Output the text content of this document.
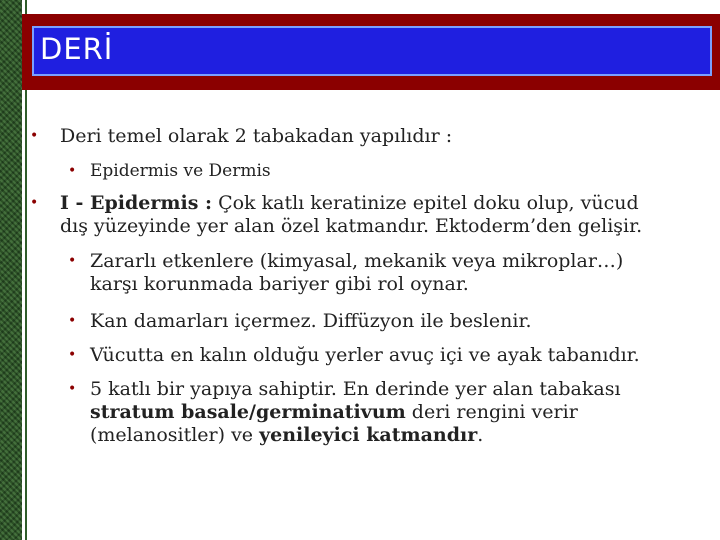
DERİ
• Deri temel olarak 2 tabakadan yapılıdır :
• Epidermis ve Dermis
• I - Epidermis : Çok katlı keratinize epitel doku olup, vücud
dış yüzeyinde yer alan özel katmandır. Ektoderm’den gelişir.
• Zararlı etkenlere (kimyasal, mekanik veya mikroplar…)
karşı korunmada bariyer gibi rol oynar.
• Kan damarları içermez. Diffüzyon ile beslenir.
• Vücutta en kalın olduğu yerler avuç içi ve ayak tabanıdır.
• 5 katlı bir yapıya sahiptir. En derinde yer alan tabakası
stratum basale/germinativum deri rengini verir
(melanositler) ve yenileyici katmandır.
